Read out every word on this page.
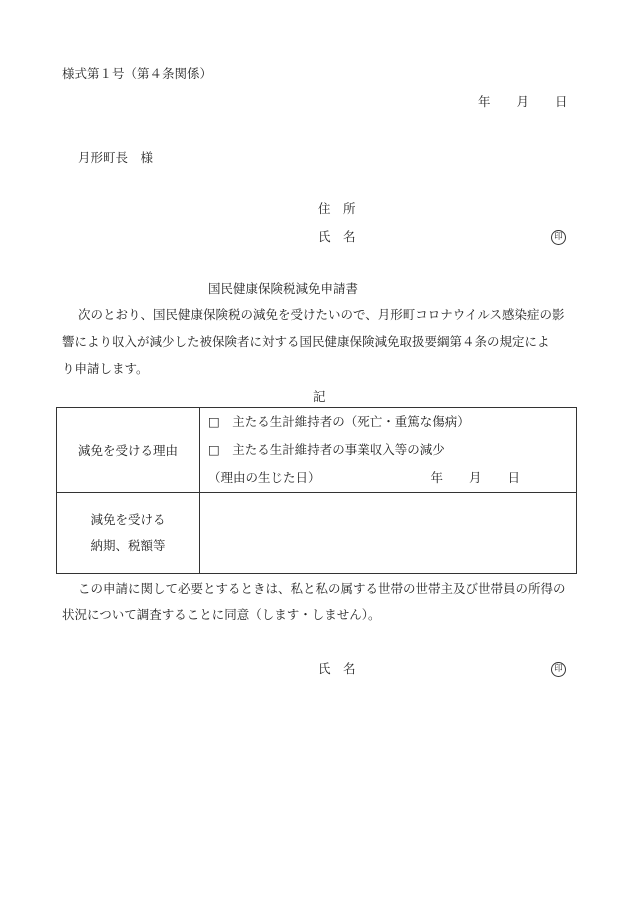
様式第１号（第４条関係）
年 月 日
月形町長　様
住　所
氏　名	印
国民健康保険税減免申請書
次のとおり、国民健康保険税の減免を受けたいので、月形町コロナウイルス感染症の影
響により収入が減少した被保険者に対する国民健康保険減免取扱要綱第４条の規定によ
り申請します。
記
減免を受ける理由	□　主たる生計維持者の（死亡・重篤な傷病）
□　主たる生計維持者の事業収入等の減少
（理由の生じた日） 年 月 日

減免を受ける
納期、税額等	

この申請に関して必要とするときは、私と私の属する世帯の世帯主及び世帯員の所得の
状況について調査することに同意（します・しません）。
氏　名	印
